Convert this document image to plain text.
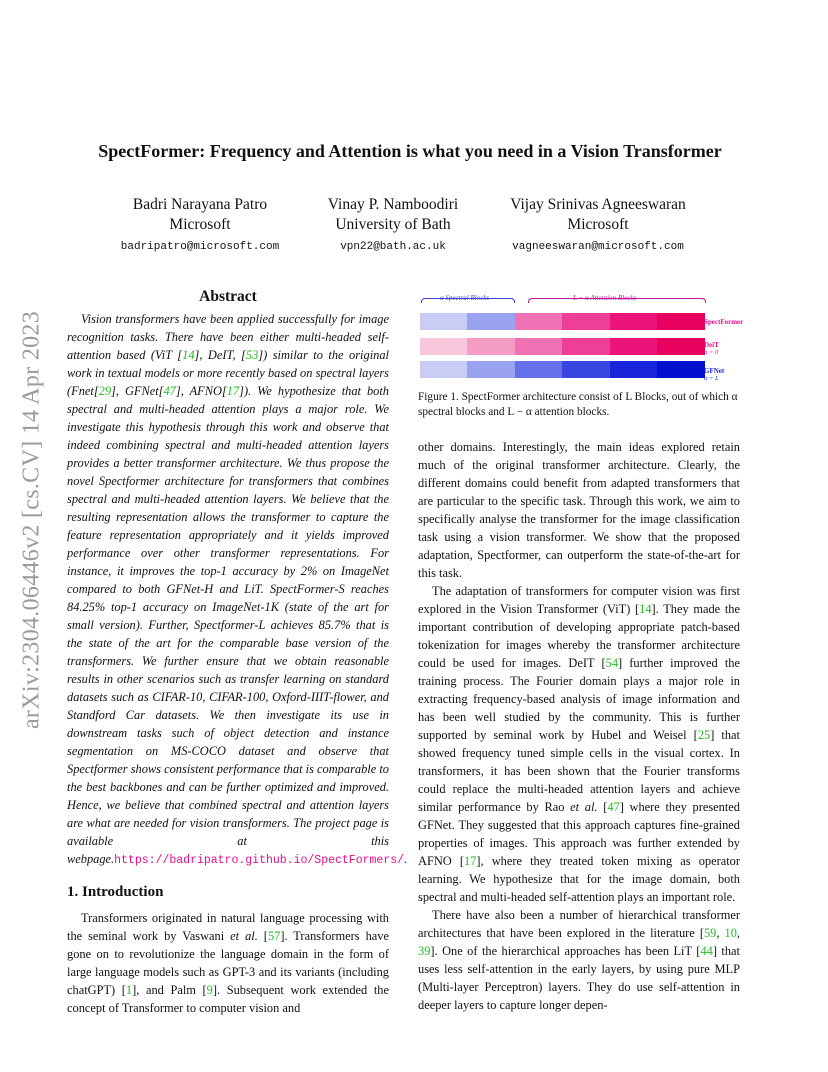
arXiv:2304.06446v2 [cs.CV] 14 Apr 2023
SpectFormer: Frequency and Attention is what you need in a Vision Transformer
Badri Narayana Patro
Microsoft
badripatro@microsoft.com
Vinay P. Namboodiri
University of Bath
vpn22@bath.ac.uk
Vijay Srinivas Agneeswaran
Microsoft
vagneeswaran@microsoft.com
Abstract

Vision transformers have been applied successfully for image recognition tasks. There have been either multi-headed self-attention based (ViT [14], DeIT, [53]) similar to the original work in textual models or more recently based on spectral layers (Fnet[29], GFNet[47], AFNO[17]). We hypothesize that both spectral and multi-headed attention plays a major role. We investigate this hypothesis through this work and observe that indeed combining spectral and multi-headed attention layers provides a better transformer architecture. We thus propose the novel Spectformer architecture for transformers that combines spectral and multi-headed attention layers. We believe that the resulting representation allows the transformer to capture the feature representation appropriately and it yields improved performance over other transformer representations. For instance, it improves the top-1 accuracy by 2% on ImageNet compared to both GFNet-H and LiT. SpectFormer-S reaches 84.25% top-1 accuracy on ImageNet-1K (state of the art for small version). Further, Spectformer-L achieves 85.7% that is the state of the art for the comparable base version of the transformers. We further ensure that we obtain reasonable results in other scenarios such as transfer learning on standard datasets such as CIFAR-10, CIFAR-100, Oxford-IIIT-flower, and Standford Car datasets. We then investigate its use in downstream tasks such of object detection and instance segmentation on MS-COCO dataset and observe that Spectformer shows consistent performance that is comparable to the best backbones and can be further optimized and improved. Hence, we believe that combined spectral and attention layers are what are needed for vision transformers. The project page is available at this webpage.https://badripatro.github.io/SpectFormers/.

1. Introduction

Transformers originated in natural language processing with the seminal work by Vaswani et al. [57]. Transformers have gone on to revolutionize the language domain in the form of large language models such as GPT-3 and its variants (including chatGPT) [1], and Palm [9]. Subsequent work extended the concept of Transformer to computer vision and

α Spectral Blocks	L − α Attention Blocks
SpectFormer
DeiT
α = 0
GFNet
α = L
Figure 1. SpectFormer architecture consist of L Blocks, out of which α spectral blocks and L − α attention blocks.

other domains. Interestingly, the main ideas explored retain much of the original transformer architecture. Clearly, the different domains could benefit from adapted transformers that are particular to the specific task. Through this work, we aim to specifically analyse the transformer for the image classification task using a vision transformer. We show that the proposed adaptation, Spectformer, can outperform the state-of-the-art for this task.

The adaptation of transformers for computer vision was first explored in the Vision Transformer (ViT) [14]. They made the important contribution of developing appropriate patch-based tokenization for images whereby the transformer architecture could be used for images. DeIT [54] further improved the training process. The Fourier domain plays a major role in extracting frequency-based analysis of image information and has been well studied by the community. This is further supported by seminal work by Hubel and Weisel [25] that showed frequency tuned simple cells in the visual cortex. In transformers, it has been shown that the Fourier transforms could replace the multi-headed attention layers and achieve similar performance by Rao et al. [47] where they presented GFNet. They suggested that this approach captures fine-grained properties of images. This approach was further extended by AFNO [17], where they treated token mixing as operator learning. We hypothesize that for the image domain, both spectral and multi-headed self-attention plays an important role.

There have also been a number of hierarchical transformer architectures that have been explored in the literature [59, 10, 39]. One of the hierarchical approaches has been LiT [44] that uses less self-attention in the early layers, by using pure MLP (Multi-layer Perceptron) layers. They do use self-attention in deeper layers to capture longer depen-
